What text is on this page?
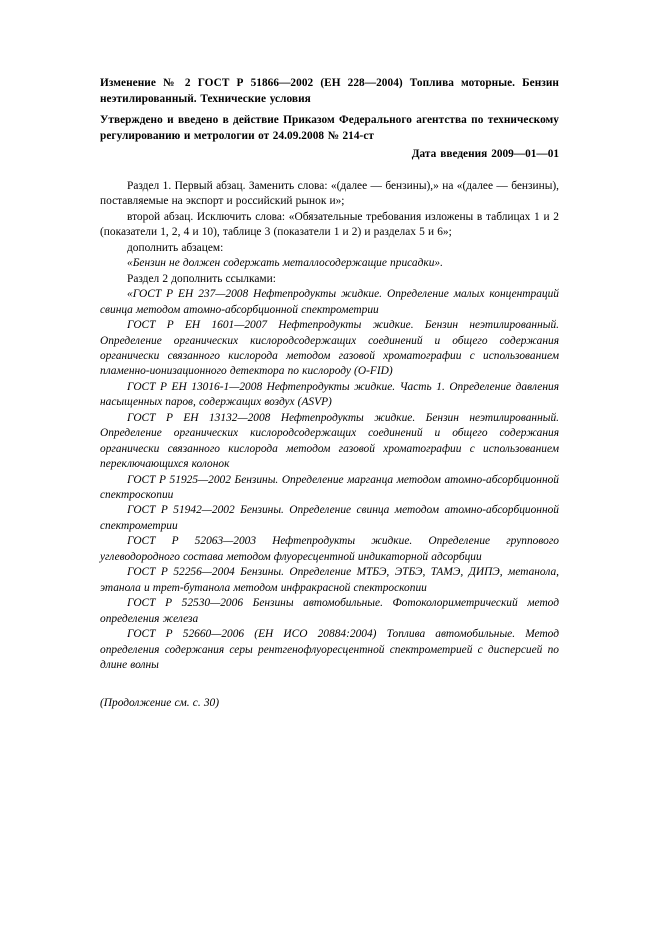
Изменение № 2 ГОСТ Р 51866—2002 (ЕН 228—2004) Топлива моторные. Бензин неэтилированный. Технические условия

Утверждено и введено в действие Приказом Федерального агентства по техническому регулированию и метрологии от 24.09.2008 № 214-ст

Дата введения 2009—01—01

Раздел 1. Первый абзац. Заменить слова: «(далее — бензины),» на «(далее — бензины), поставляемые на экспорт и российский рынок и»;

второй абзац. Исключить слова: «Обязательные требования изложены в таблицах 1 и 2 (показатели 1, 2, 4 и 10), таблице 3 (показатели 1 и 2) и разделах 5 и 6»;

дополнить абзацем:

«Бензин не должен содержать металлосодержащие присадки».

Раздел 2 дополнить ссылками:

«ГОСТ Р ЕН 237—2008 Нефтепродукты жидкие. Определение малых концентраций свинца методом атомно-абсорбционной спектрометрии

ГОСТ Р ЕН 1601—2007 Нефтепродукты жидкие. Бензин неэтилированный. Определение органических кислородсодержащих соединений и общего содержания органически связанного кислорода методом газовой хроматографии с использованием пламенно-ионизационного детектора по кислороду (O-FID)

ГОСТ Р ЕН 13016-1—2008 Нефтепродукты жидкие. Часть 1. Определение давления насыщенных паров, содержащих воздух (ASVP)

ГОСТ Р ЕН 13132—2008 Нефтепродукты жидкие. Бензин неэтилированный. Определение органических кислородсодержащих соединений и общего содержания органически связанного кислорода методом газовой хроматографии с использованием переключающихся колонок

ГОСТ Р 51925—2002 Бензины. Определение марганца методом атомно-абсорбционной спектроскопии

ГОСТ Р 51942—2002 Бензины. Определение свинца методом атомно-абсорбционной спектрометрии

ГОСТ Р 52063—2003 Нефтепродукты жидкие. Определение группового углеводородного состава методом флуоресцентной индикаторной адсорбции

ГОСТ Р 52256—2004 Бензины. Определение МТБЭ, ЭТБЭ, ТАМЭ, ДИПЭ, метанола, этанола и трет-бутанола методом инфракрасной спектроскопии

ГОСТ Р 52530—2006 Бензины автомобильные. Фотоколориметрический метод определения железа

ГОСТ Р 52660—2006 (ЕН ИСО 20884:2004) Топлива автомобильные. Метод определения содержания серы рентгенофлуоресцентной спектрометрией с дисперсией по длине волны

(Продолжение см. с. 30)
